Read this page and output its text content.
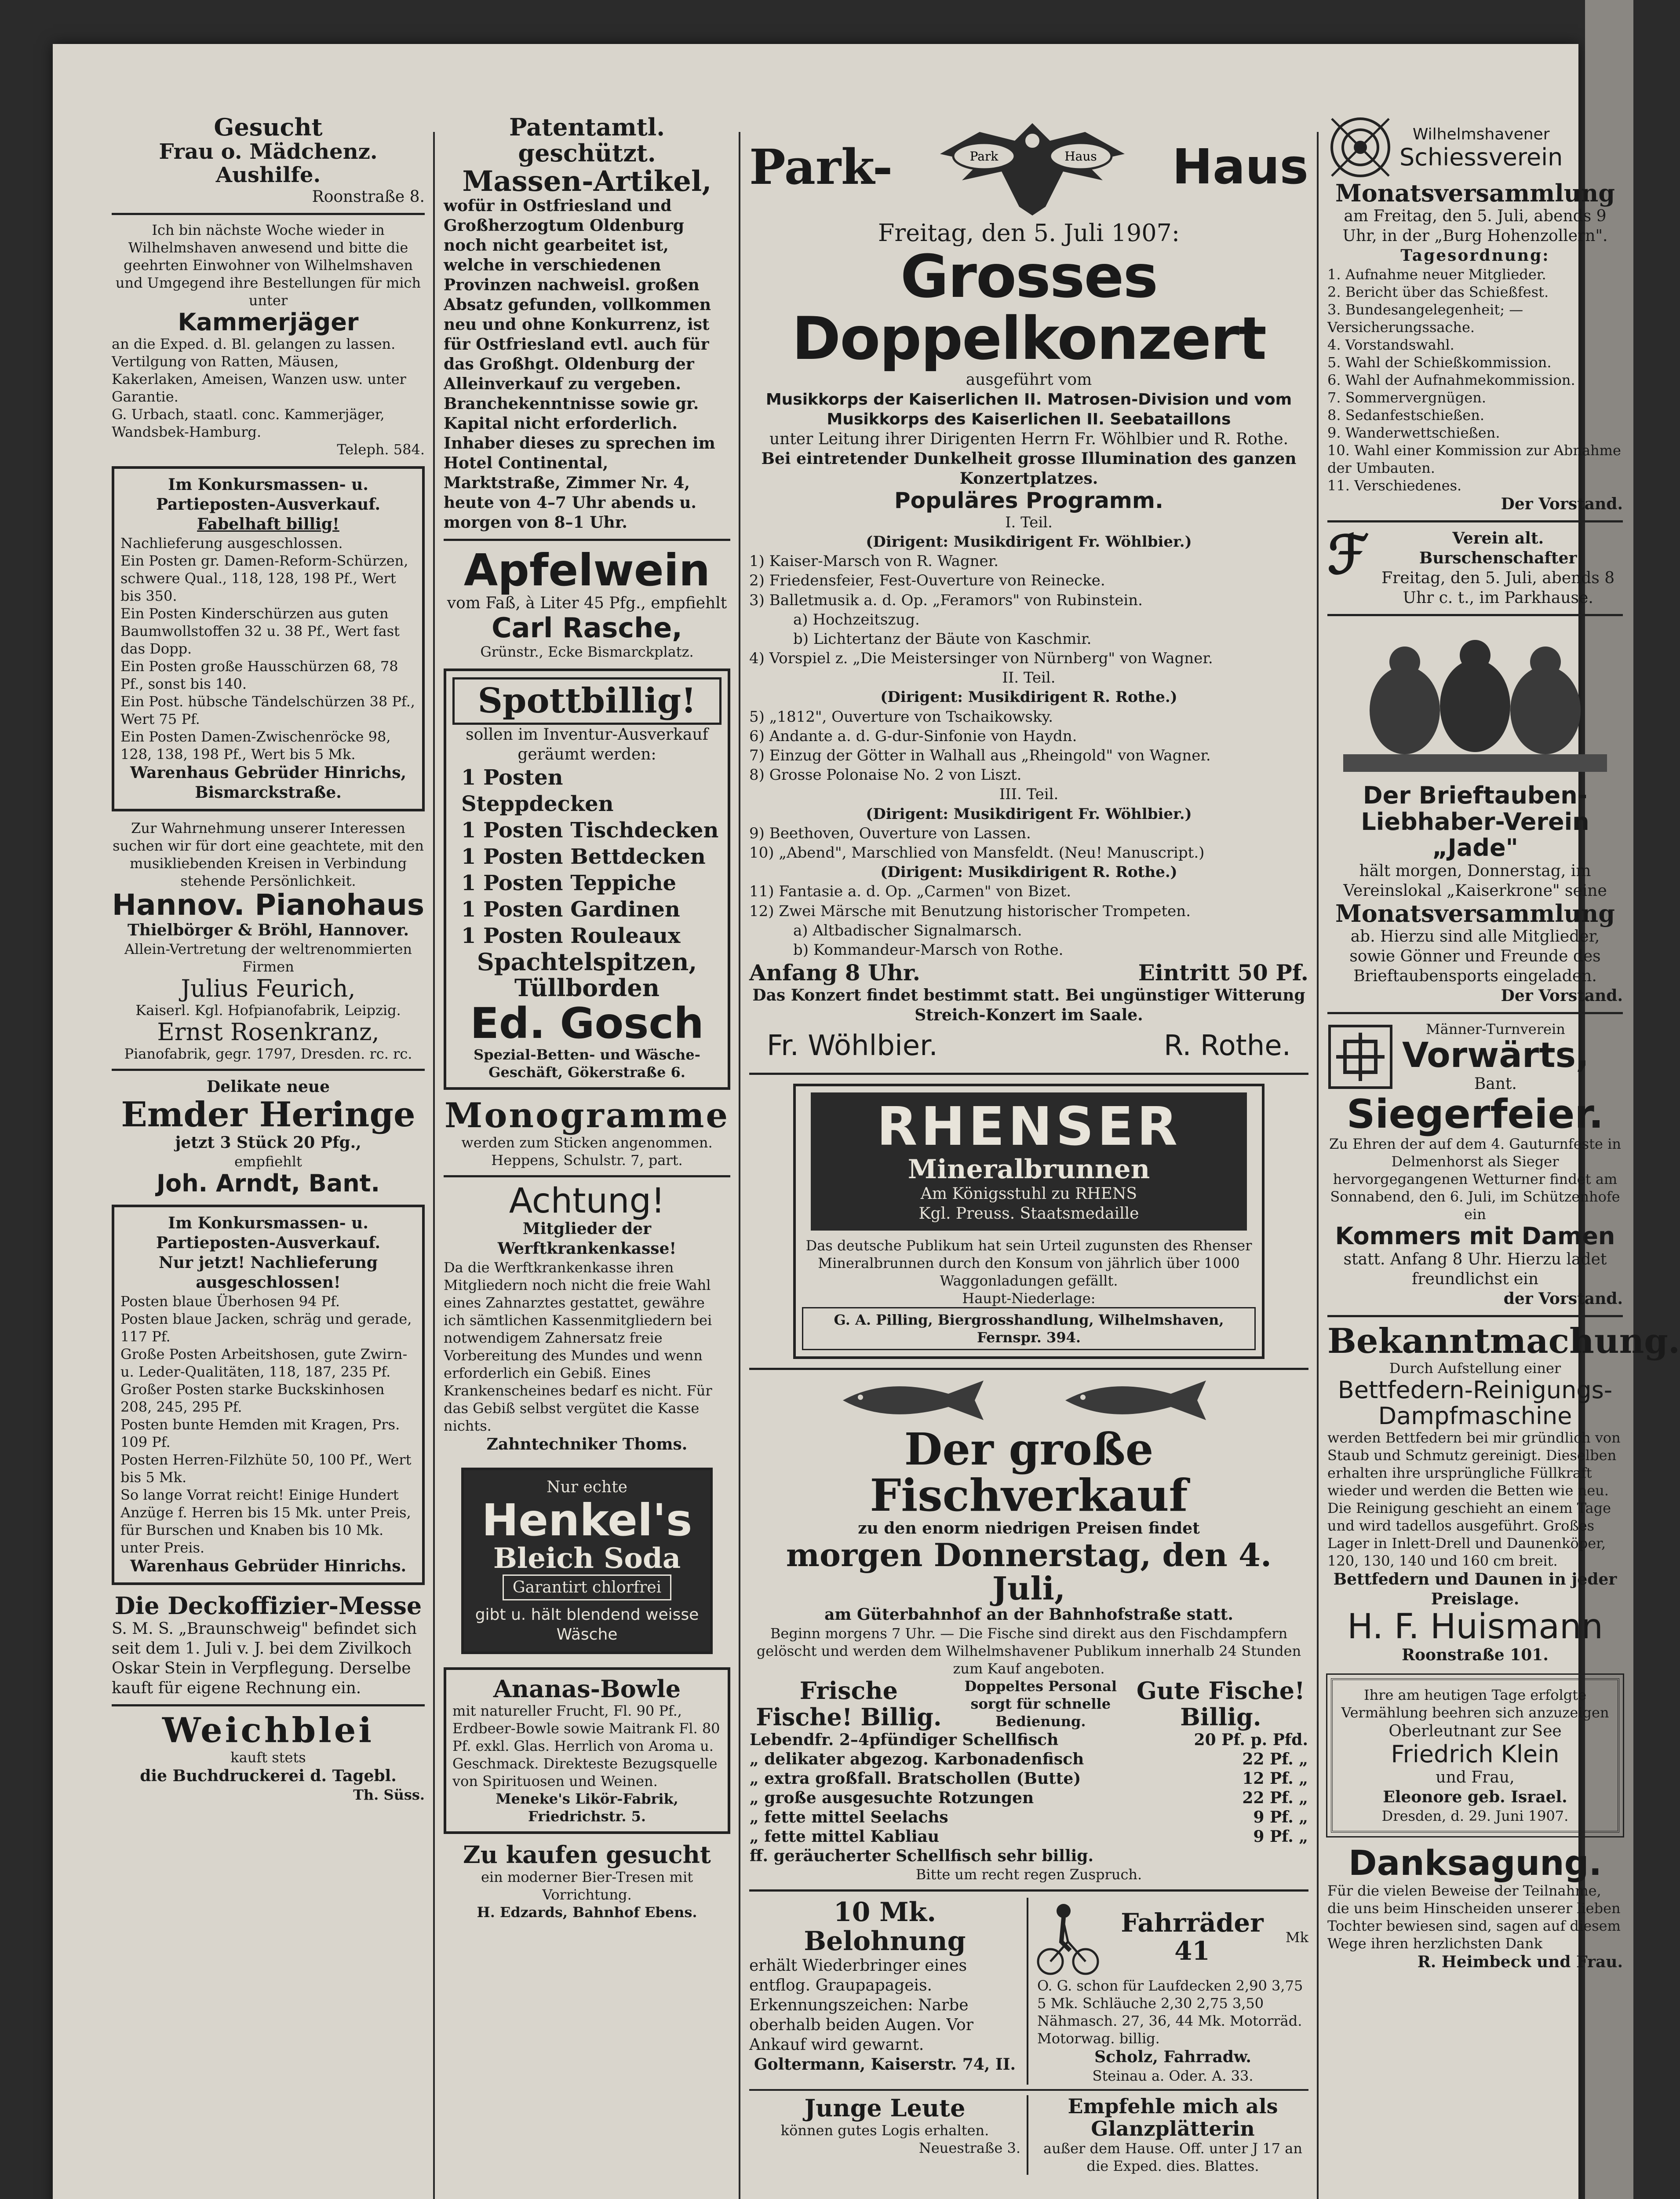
Gesucht
Frau o. Mädchenz. Aushilfe.
Roonstraße 8.
Ich bin nächste Woche wieder in Wilhelmshaven anwesend und bitte die geehrten Einwohner von Wilhelmshaven und Umgegend ihre Bestellungen für mich unter
Kammerjäger
an die Exped. d. Bl. gelangen zu lassen. Vertilgung von Ratten, Mäusen, Kakerlaken, Ameisen, Wanzen usw. unter Garantie.
G. Urbach, staatl. conc. Kammerjäger, Wandsbek-Hamburg.
Teleph. 584.
Im Konkursmassen- u. Partieposten-Ausverkauf.
Fabelhaft billig!
Nachlieferung ausgeschlossen.
Ein Posten gr. Damen-Reform-Schürzen, schwere Qual., 118, 128, 198 Pf., Wert bis 350.
Ein Posten Kinderschürzen aus guten Baumwollstoffen 32 u. 38 Pf., Wert fast das Dopp.
Ein Posten große Hausschürzen 68, 78 Pf., sonst bis 140.
Ein Post. hübsche Tändelschürzen 38 Pf., Wert 75 Pf.
Ein Posten Damen-Zwischenröcke 98, 128, 138, 198 Pf., Wert bis 5 Mk.
Warenhaus Gebrüder Hinrichs, Bismarckstraße.
Zur Wahrnehmung unserer Interessen suchen wir für dort eine geachtete, mit den musikliebenden Kreisen in Verbindung stehende Persönlichkeit.
Hannov. Pianohaus
Thielbörger & Bröhl, Hannover.
Allein-Vertretung der weltrenommierten Firmen
Julius Feurich,
Kaiserl. Kgl. Hofpianofabrik, Leipzig.
Ernst Rosenkranz,
Pianofabrik, gegr. 1797, Dresden. rc. rc.
Delikate neue
Emder Heringe
jetzt 3 Stück 20 Pfg.,
empfiehlt
Joh. Arndt, Bant.
Im Konkursmassen- u. Partieposten-Ausverkauf.
Nur jetzt! Nachlieferung ausgeschlossen!
Posten blaue Überhosen 94 Pf.
Posten blaue Jacken, schräg und gerade, 117 Pf.
Große Posten Arbeitshosen, gute Zwirn- u. Leder-Qualitäten, 118, 187, 235 Pf.
Großer Posten starke Buckskinhosen 208, 245, 295 Pf.
Posten bunte Hemden mit Kragen, Prs. 109 Pf.
Posten Herren-Filzhüte 50, 100 Pf., Wert bis 5 Mk.
So lange Vorrat reicht! Einige Hundert Anzüge f. Herren bis 15 Mk. unter Preis, für Burschen und Knaben bis 10 Mk. unter Preis.
Warenhaus Gebrüder Hinrichs.
Die Deckoffizier-Messe
S. M. S. „Braunschweig" befindet sich seit dem 1. Juli v. J. bei dem Zivilkoch Oskar Stein in Verpflegung. Derselbe kauft für eigene Rechnung ein.
Weichblei
kauft stets
die Buchdruckerei d. Tagebl.
Th. Süss.
Patentamtl. geschützt.
Massen-Artikel,
wofür in Ostfriesland und Großherzogtum Oldenburg noch nicht gearbeitet ist, welche in verschiedenen Provinzen nachweisl. großen Absatz gefunden, vollkommen neu und ohne Konkurrenz, ist für Ostfriesland evtl. auch für das Großhgt. Oldenburg der Alleinverkauf zu vergeben. Branchekenntnisse sowie gr. Kapital nicht erforderlich. Inhaber dieses zu sprechen im Hotel Continental, Marktstraße, Zimmer Nr. 4, heute von 4–7 Uhr abends u. morgen von 8–1 Uhr.
Apfelwein
vom Faß, à Liter 45 Pfg., empfiehlt
Carl Rasche,
Grünstr., Ecke Bismarckplatz.
Spottbillig!
sollen im Inventur-Ausverkauf geräumt werden:
1 Posten Steppdecken
1 Posten Tischdecken
1 Posten Bettdecken
1 Posten Teppiche
1 Posten Gardinen
1 Posten Rouleaux
Spachtelspitzen, Tüllborden
Ed. Gosch
Spezial-Betten- und Wäsche-Geschäft, Gökerstraße 6.
Monogramme
werden zum Sticken angenommen.
Heppens, Schulstr. 7, part.
Achtung!
Mitglieder der Werftkrankenkasse!
Da die Werftkrankenkasse ihren Mitgliedern noch nicht die freie Wahl eines Zahnarztes gestattet, gewähre ich sämtlichen Kassenmitgliedern bei notwendigem Zahnersatz freie Vorbereitung des Mundes und wenn erforderlich ein Gebiß. Eines Krankenscheines bedarf es nicht. Für das Gebiß selbst vergütet die Kasse nichts.
Zahntechniker Thoms.
Nur echte
Henkel's
Bleich Soda
Garantirt chlorfrei
gibt u. hält blendend weisse Wäsche
Ananas-Bowle
mit natureller Frucht, Fl. 90 Pf., Erdbeer-Bowle sowie Maitrank Fl. 80 Pf. exkl. Glas. Herrlich von Aroma u. Geschmack. Direkteste Bezugsquelle von Spirituosen und Weinen.
Meneke's Likör-Fabrik, Friedrichstr. 5.
Zu kaufen gesucht
ein moderner Bier-Tresen mit Vorrichtung.
H. Edzards, Bahnhof Ebens.
Park-	Park	Haus Haus
Freitag, den 5. Juli 1907:
Grosses Doppelkonzert
ausgeführt vom
Musikkorps der Kaiserlichen II. Matrosen-Division und vom Musikkorps des Kaiserlichen II. Seebataillons
unter Leitung ihrer Dirigenten Herrn Fr. Wöhlbier und R. Rothe.
Bei eintretender Dunkelheit grosse Illumination des ganzen Konzertplatzes.
Populäres Programm.
I. Teil.
(Dirigent: Musikdirigent Fr. Wöhlbier.)
1) Kaiser-Marsch von R. Wagner.
2) Friedensfeier, Fest-Ouverture von Reinecke.
3) Balletmusik a. d. Op. „Feramors" von Rubinstein.
a) Hochzeitszug.
b) Lichtertanz der Bäute von Kaschmir.
4) Vorspiel z. „Die Meistersinger von Nürnberg" von Wagner.
II. Teil.
(Dirigent: Musikdirigent R. Rothe.)
5) „1812", Ouverture von Tschaikowsky.
6) Andante a. d. G-dur-Sinfonie von Haydn.
7) Einzug der Götter in Walhall aus „Rheingold" von Wagner.
8) Grosse Polonaise No. 2 von Liszt.
III. Teil.
(Dirigent: Musikdirigent Fr. Wöhlbier.)
9) Beethoven, Ouverture von Lassen.
10) „Abend", Marschlied von Mansfeldt. (Neu! Manuscript.)
(Dirigent: Musikdirigent R. Rothe.)
11) Fantasie a. d. Op. „Carmen" von Bizet.
12) Zwei Märsche mit Benutzung historischer Trompeten.
a) Altbadischer Signalmarsch.
b) Kommandeur-Marsch von Rothe.
Anfang 8 Uhr.	Eintritt 50 Pf.
Das Konzert findet bestimmt statt. Bei ungünstiger Witterung Streich-Konzert im Saale.
Fr. Wöhlbier.	R. Rothe.
RHENSER
Mineralbrunnen
Am Königsstuhl zu RHENS
Kgl. Preuss. Staatsmedaille
Das deutsche Publikum hat sein Urteil zugunsten des Rhenser Mineralbrunnen durch den Konsum von jährlich über 1000 Waggonladungen gefällt.
Haupt-Niederlage:
G. A. Pilling, Biergrosshandlung, Wilhelmshaven, Fernspr. 394.

Der große Fischverkauf
zu den enorm niedrigen Preisen findet
morgen Donnerstag, den 4. Juli,
am Güterbahnhof an der Bahnhofstraße statt.
Beginn morgens 7 Uhr. — Die Fische sind direkt aus den Fischdampfern gelöscht und werden dem Wilhelmshavener Publikum innerhalb 24 Stunden zum Kauf angeboten.
Frische Fische! Billig.
Doppeltes Personal sorgt für schnelle Bedienung.
Gute Fische! Billig.
Lebendfr. 2–4pfündiger Schellfisch	20 Pf. p. Pfd.
„ delikater abgezog. Karbonadenfisch	22 Pf. „
„ extra großfall. Bratschollen (Butte)	12 Pf. „
„ große ausgesuchte Rotzungen	22 Pf. „
„ fette mittel Seelachs	9 Pf. „
„ fette mittel Kabliau	9 Pf. „
ff. geräucherter Schellfisch sehr billig.	
Bitte um recht regen Zuspruch.
10 Mk. Belohnung
erhält Wiederbringer eines entflog. Graupapageis. Erkennungszeichen: Narbe oberhalb beiden Augen. Vor Ankauf wird gewarnt.
Goltermann, Kaiserstr. 74, II.
Fahrräder 41	Mk
O. G. schon für Laufdecken 2,90 3,75 5 Mk. Schläuche 2,30 2,75 3,50 Nähmasch. 27, 36, 44 Mk. Motorräd. Motorwag. billig.
Scholz, Fahrradw.
Steinau a. Oder. A. 33.
Junge Leute
können gutes Logis erhalten.
Neuestraße 3.
Empfehle mich als Glanzplätterin
außer dem Hause. Off. unter J 17 an die Exped. dies. Blattes.
Wilhelmshavener
Schiessverein
Monatsversammlung
am Freitag, den 5. Juli, abends 9 Uhr, in der „Burg Hohenzollern".
Tagesordnung:
1. Aufnahme neuer Mitglieder.
2. Bericht über das Schießfest.
3. Bundesangelegenheit; — Versicherungssache.
4. Vorstandswahl.
5. Wahl der Schießkommission.
6. Wahl der Aufnahmekommission.
7. Sommervergnügen.
8. Sedanfestschießen.
9. Wanderwettschießen.
10. Wahl einer Kommission zur Abnahme der Umbauten.
11. Verschiedenes.
Der Vorstand.
ℱ	Verein alt. Burschenschafter
Freitag, den 5. Juli, abends 8 Uhr c. t., im Parkhause.
Der Brieftauben-Liebhaber-Verein „Jade"
hält morgen, Donnerstag, im Vereinslokal „Kaiserkrone" seine
Monatsversammlung
ab. Hierzu sind alle Mitglieder, sowie Gönner und Freunde des Brieftaubensports eingeladen.
Der Vorstand.
Männer-Turnverein
Vorwärts,
Bant.
Siegerfeier.
Zu Ehren der auf dem 4. Gauturnfeste in Delmenhorst als Sieger hervorgegangenen Wetturner findet am Sonnabend, den 6. Juli, im Schützenhofe ein
Kommers mit Damen
statt. Anfang 8 Uhr. Hierzu ladet freundlichst ein
der Vorstand.
Bekanntmachung.
Durch Aufstellung einer
Bettfedern-Reinigungs-Dampfmaschine
werden Bettfedern bei mir gründlich von Staub und Schmutz gereinigt. Dieselben erhalten ihre ursprüngliche Füllkraft wieder und werden die Betten wie neu. Die Reinigung geschieht an einem Tage und wird tadellos ausgeführt. Großes Lager in Inlett-Drell und Daunenköper, 120, 130, 140 und 160 cm breit.
Bettfedern und Daunen in jeder Preislage.
H. F. Huismann
Roonstraße 101.
Ihre am heutigen Tage erfolgte Vermählung beehren sich anzuzeigen
Oberleutnant zur See
Friedrich Klein
und Frau,
Eleonore geb. Israel.
Dresden, d. 29. Juni 1907.
Danksagung.
Für die vielen Beweise der Teilnahme, die uns beim Hinscheiden unserer lieben Tochter bewiesen sind, sagen auf diesem Wege ihren herzlichsten Dank
R. Heimbeck und Frau.
